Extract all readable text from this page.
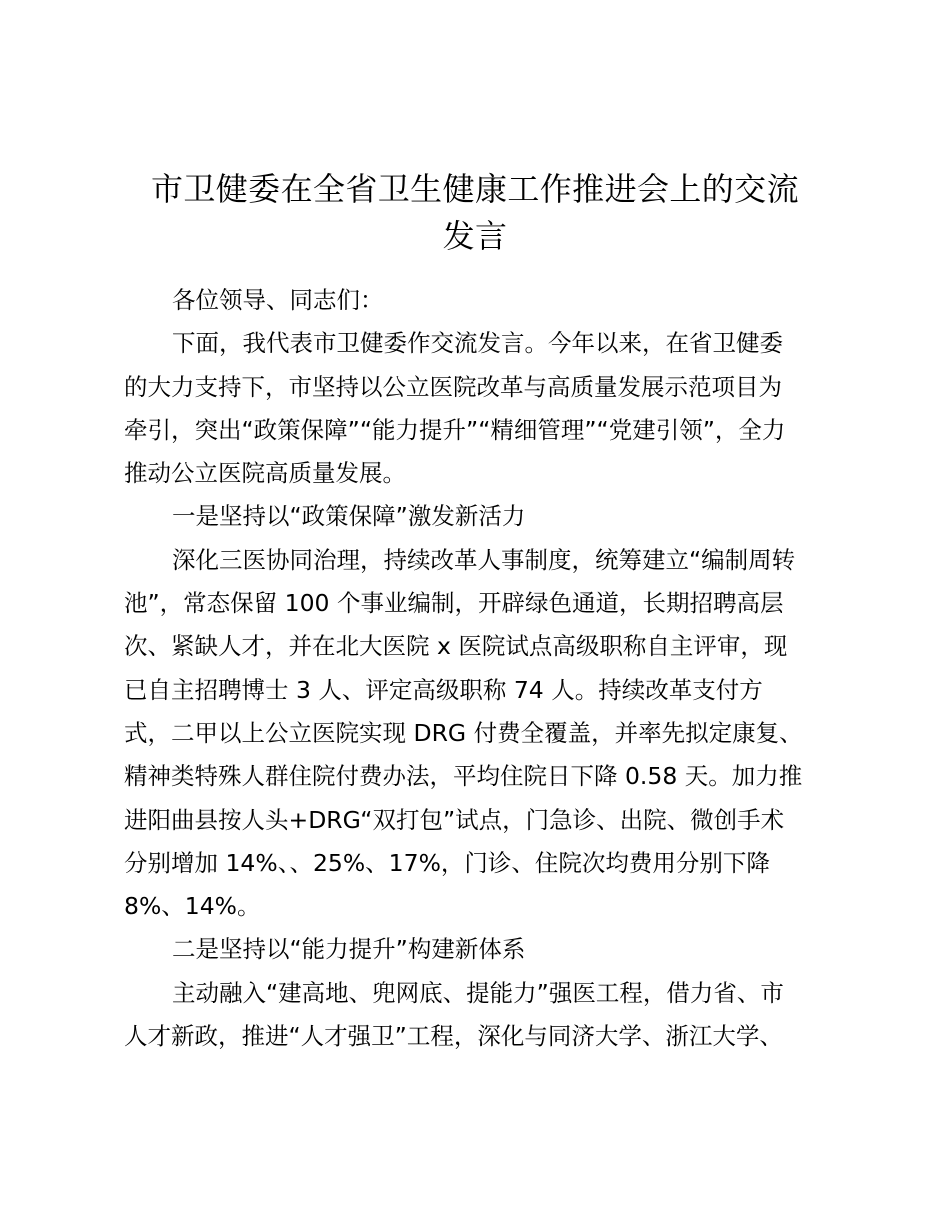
市卫健委在全省卫生健康工作推进会上的交流
发言
各位领导、同志们：
下面，我代表市卫健委作交流发言。今年以来，在省卫健委
的大力支持下，市坚持以公立医院改革与高质量发展示范项目为
牵引，突出“政策保障”“能力提升”“精细管理”“党建引领”，全力
推动公立医院高质量发展。
一是坚持以“政策保障”激发新活力
深化三医协同治理，持续改革人事制度，统筹建立“编制周转
池”，常态保留 100 个事业编制，开辟绿色通道，长期招聘高层
次、紧缺人才，并在北大医院 x 医院试点高级职称自主评审，现
已自主招聘博士 3 人、评定高级职称 74 人。持续改革支付方
式，二甲以上公立医院实现 DRG 付费全覆盖，并率先拟定康复、
精神类特殊人群住院付费办法，平均住院日下降 0.58 天。加力推
进阳曲县按人头+DRG“双打包”试点，门急诊、出院、微创手术
分别增加 14%、、25%、17%，门诊、住院次均费用分别下降
8%、14%。
二是坚持以“能力提升”构建新体系
主动融入“建高地、兜网底、提能力”强医工程，借力省、市
人才新政，推进“人才强卫”工程，深化与同济大学、浙江大学、
